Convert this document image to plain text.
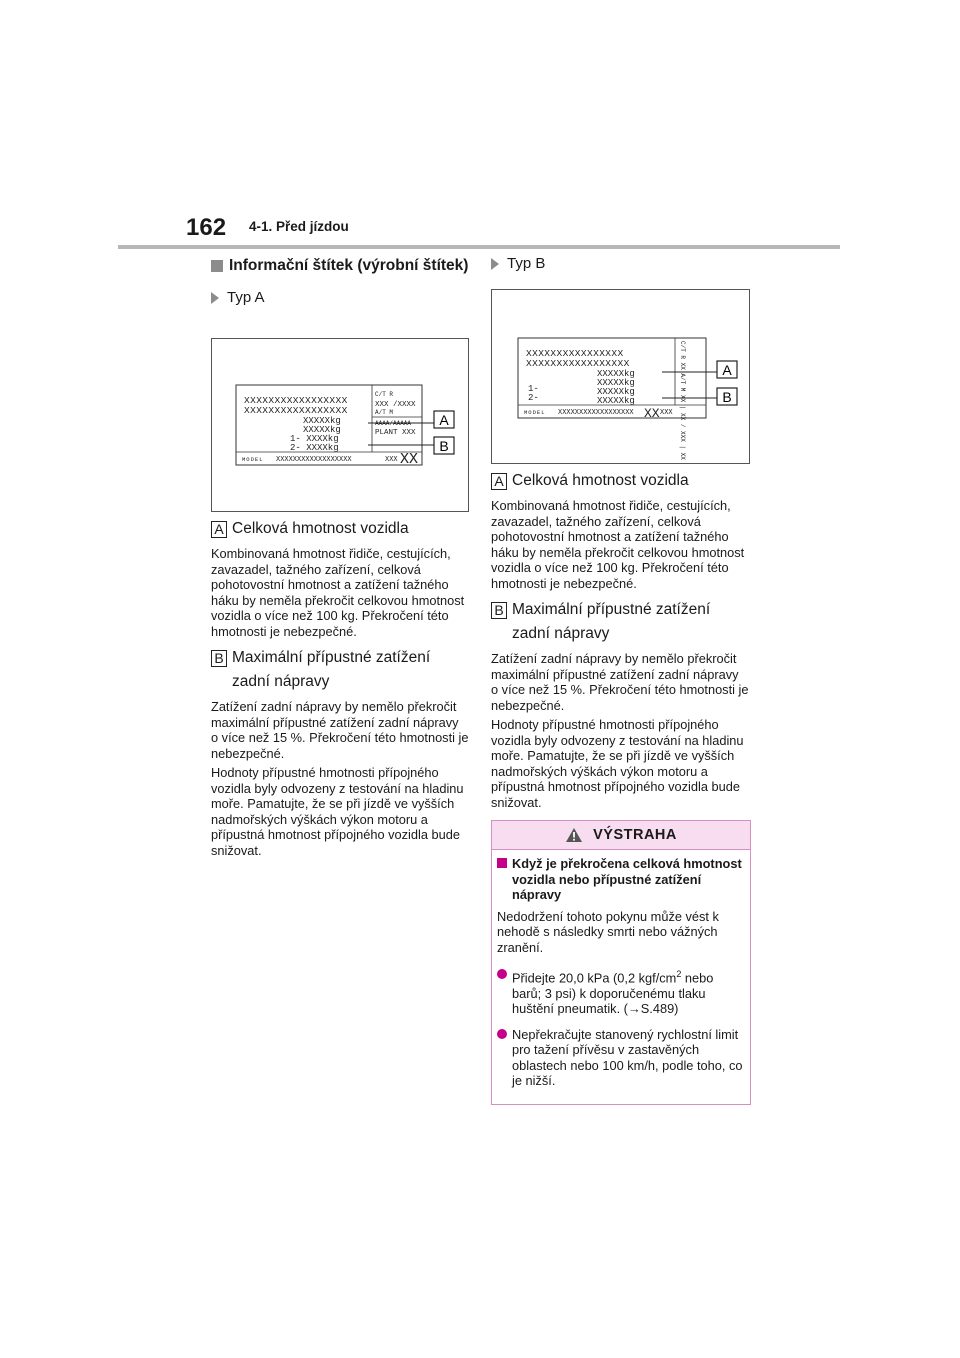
162 4-1. Před jízdou
Informační štítek (výrobní štítek)
Typ A
XXXXXXXXXXXXXXXXX
XXXXXXXXXXXXXXXXX
XXXXXkg
XXXXXkg
1- XXXXkg
2- XXXXkg
C/T R
XXX /XXXX
A/T M
AAAA/AAAAA
PLANT XXX
MODEL XXXXXXXXXXXXXXXXXX	XXX XX
A
B
A Celková hmotnost vozidla

Kombinovaná hmotnost řidiče, cestujících, zavazadel, tažného zařízení, celková pohotovostní hmotnost a zatížení tažného háku by neměla překročit celkovou hmotnost vozidla o více než 100 kg. Překročení této hmotnosti je nebezpečné.

B Maximální přípustné zatížení zadní nápravy

Zatížení zadní nápravy by nemělo překročit maximální přípustné zatížení zadní nápravy o více než 15 %. Překročení této hmotnosti je nebezpečné.

Hodnoty přípustné hmotnosti přípojného vozidla byly odvozeny z testování na hladinu moře. Pamatujte, že se při jízdě ve vyšších nadmořských výškách výkon motoru a přípustná hmotnost přípojného vozidla bude snižovat.

Typ B
XXXXXXXXXXXXXXXX
XXXXXXXXXXXXXXXXX
XXXXXkg
XXXXXkg
XXXXXkg
XXXXXkg
1-
2-
MODEL XXXXXXXXXXXXXXXXXX XX XXX C/T R XX A/T M XX | XX / XXX | XX / XXX	A
B
A Celková hmotnost vozidla

Kombinovaná hmotnost řidiče, cestujících, zavazadel, tažného zařízení, celková pohotovostní hmotnost a zatížení tažného háku by neměla překročit celkovou hmotnost vozidla o více než 100 kg. Překročení této hmotnosti je nebezpečné.

B Maximální přípustné zatížení zadní nápravy

Zatížení zadní nápravy by nemělo překročit maximální přípustné zatížení zadní nápravy o více než 15 %. Překročení této hmotnosti je nebezpečné.

Hodnoty přípustné hmotnosti přípojného vozidla byly odvozeny z testování na hladinu moře. Pamatujte, že se při jízdě ve vyšších nadmořských výškách výkon motoru a přípustná hmotnost přípojného vozidla bude snižovat.

VÝSTRAHA

Když je překročena celková hmotnost vozidla nebo přípustné zatížení nápravy

Nedodržení tohoto pokynu může vést k nehodě s následky smrti nebo vážných zranění.

Přidejte 20,0 kPa (0,2 kgf/$cm^2$ nebo barů; 3 psi) k doporučenému tlaku huštění pneumatik. (→S.489)
Nepřekračujte stanovený rychlostní limit pro tažení přívěsu v zastavěných oblastech nebo 100 km/h, podle toho, co je nižší.
